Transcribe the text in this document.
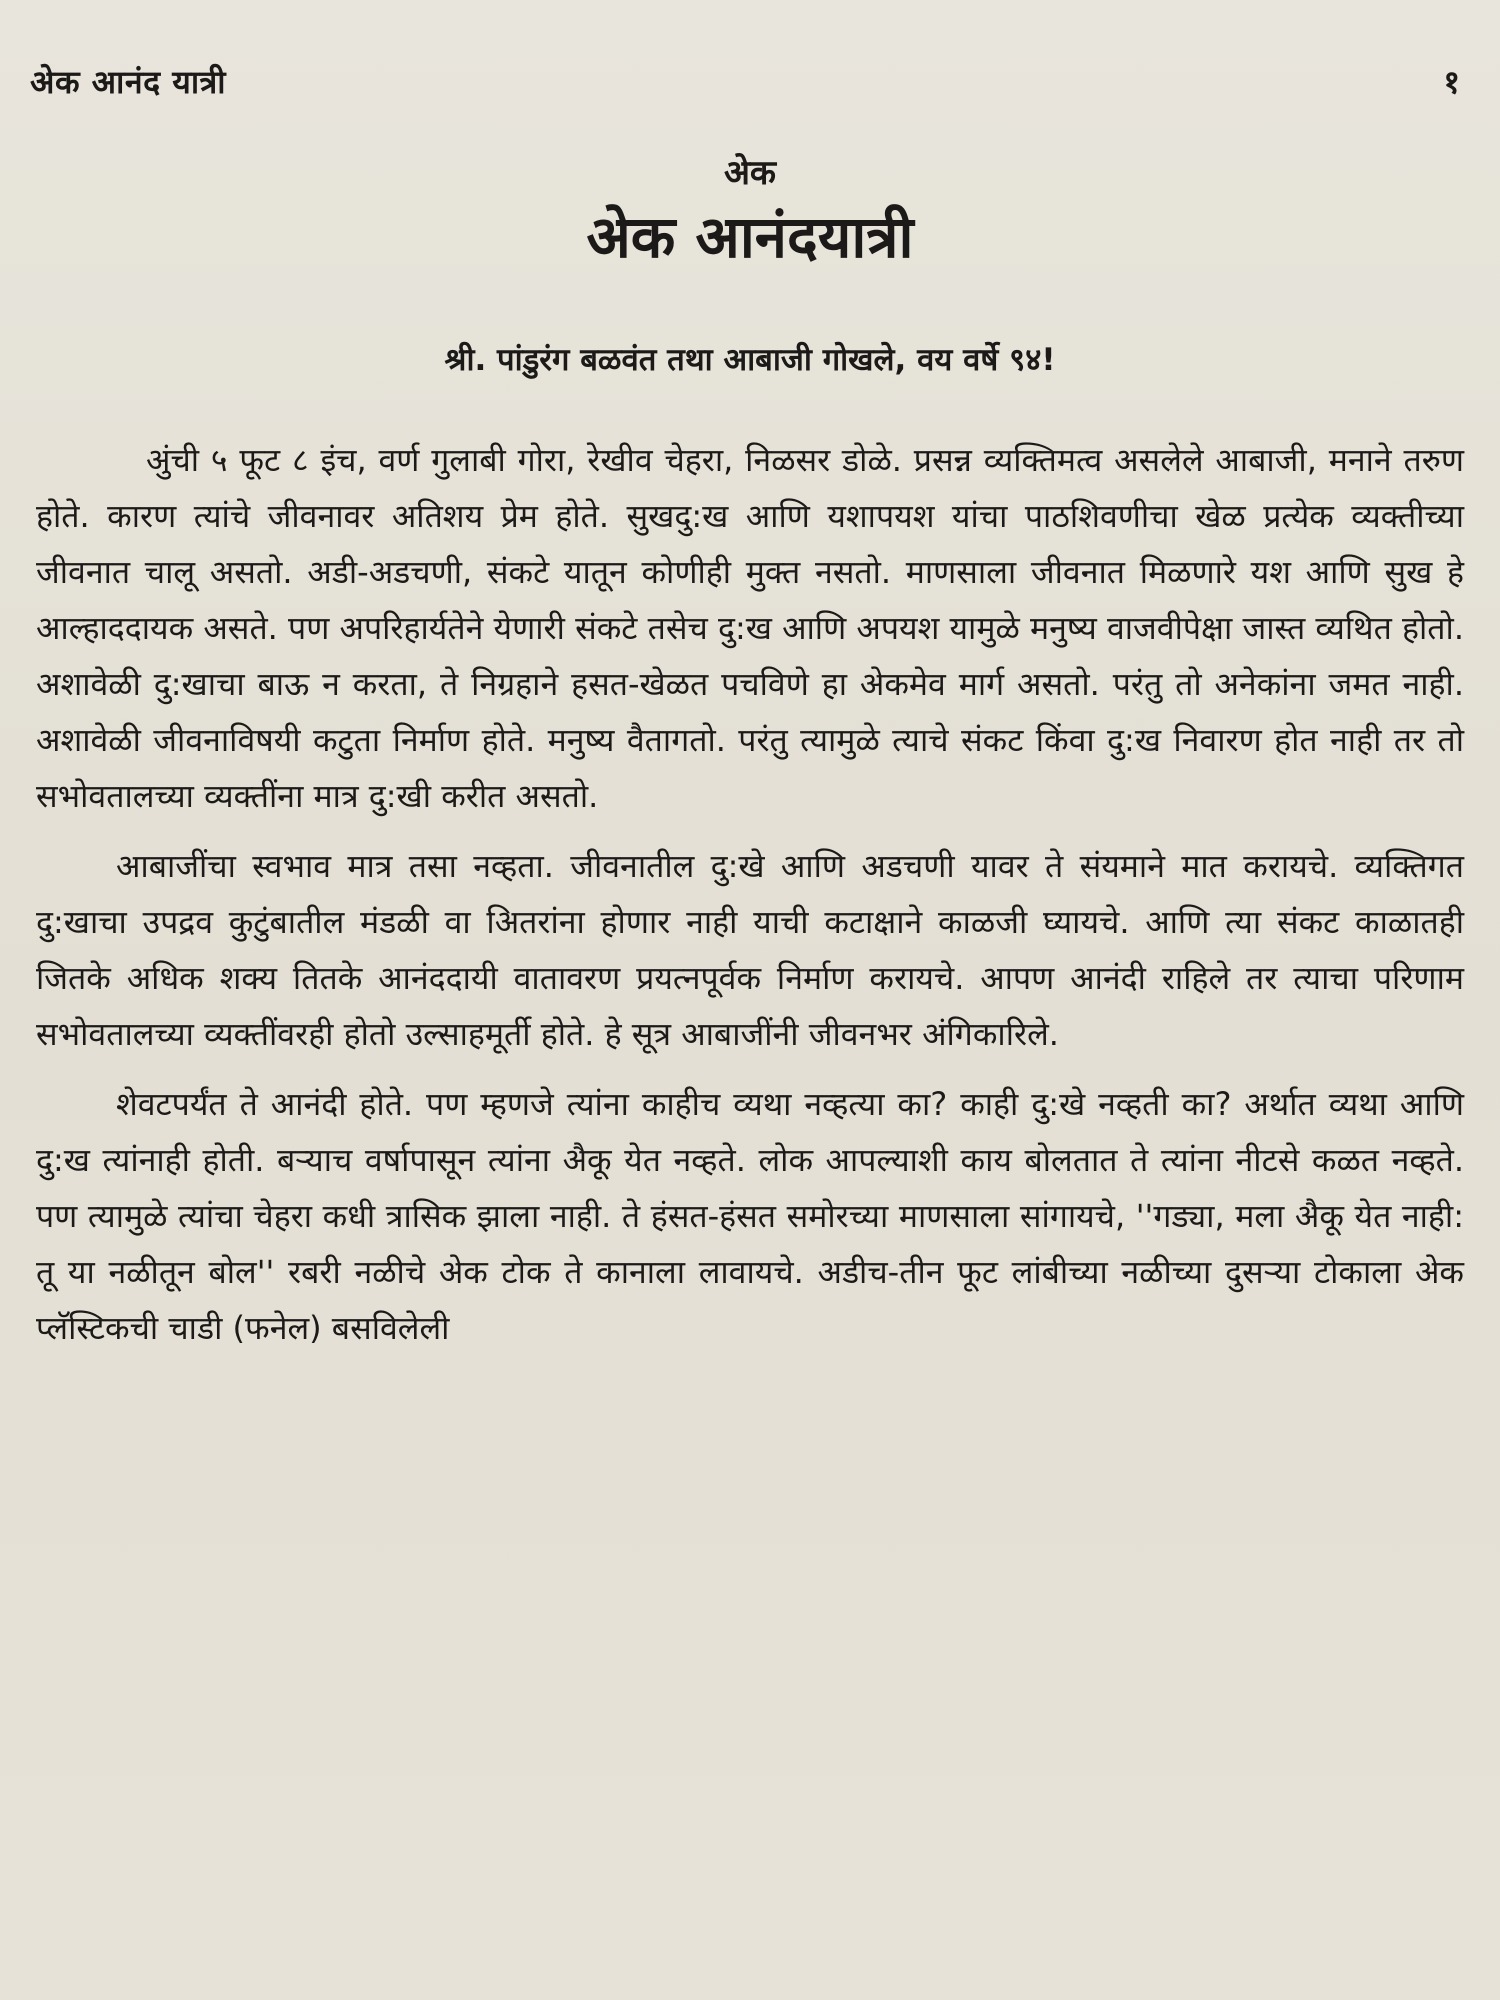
अेक आनंद यात्री	१
अेक
अेक आनंदयात्री
श्री. पांडुरंग बळवंत तथा आबाजी गोखले, वय वर्षे ९४!

अुंची ५ फूट ८ इंच, वर्ण गुलाबी गोरा, रेखीव चेहरा, निळसर डोळे. प्रसन्न व्यक्तिमत्व असलेले आबाजी, मनाने तरुण होते. कारण त्यांचे जीवनावर अतिशय प्रेम होते. सुखदु:ख आणि यशापयश यांचा पाठशिवणीचा खेळ प्रत्येक व्यक्तीच्या जीवनात चालू असतो. अडी-अडचणी, संकटे यातून कोणीही मुक्त नसतो. माणसाला जीवनात मिळणारे यश आणि सुख हे आल्हाददायक असते. पण अपरिहार्यतेने येणारी संकटे तसेच दु:ख आणि अपयश यामुळे मनुष्य वाजवीपेक्षा जास्त व्यथित होतो. अशावेळी दु:खाचा बाऊ न करता, ते निग्रहाने हसत-खेळत पचविणे हा अेकमेव मार्ग असतो. परंतु तो अनेकांना जमत नाही. अशावेळी जीवनाविषयी कटुता निर्माण होते. मनुष्य वैतागतो. परंतु त्यामुळे त्याचे संकट किंवा दु:ख निवारण होत नाही तर तो सभोवतालच्या व्यक्तींना मात्र दु:खी करीत असतो.

आबाजींचा स्वभाव मात्र तसा नव्हता. जीवनातील दु:खे आणि अडचणी यावर ते संयमाने मात करायचे. व्यक्तिगत दु:खाचा उपद्रव कुटुंबातील मंडळी वा अितरांना होणार नाही याची कटाक्षाने काळजी घ्यायचे. आणि त्या संकट काळातही जितके अधिक शक्य तितके आनंददायी वातावरण प्रयत्नपूर्वक निर्माण करायचे. आपण आनंदी राहिले तर त्याचा परिणाम सभोवतालच्या व्यक्तींवरही होतो उल्साहमूर्ती होते. हे सूत्र आबाजींनी जीवनभर अंगिकारिले.

शेवटपर्यंत ते आनंदी होते. पण म्हणजे त्यांना काहीच व्यथा नव्हत्या का? काही दु:खे नव्हती का? अर्थात व्यथा आणि दु:ख त्यांनाही होती. बऱ्याच वर्षापासून त्यांना अैकू येत नव्हते. लोक आपल्याशी काय बोलतात ते त्यांना नीटसे कळत नव्हते. पण त्यामुळे त्यांचा चेहरा कधी त्रासिक झाला नाही. ते हंसत-हंसत समोरच्या माणसाला सांगायचे, ''गड्या, मला अैकू येत नाही: तू या नळीतून बोल'' रबरी नळीचे अेक टोक ते कानाला लावायचे. अडीच-तीन फूट लांबीच्या नळीच्या दुसऱ्या टोकाला अेक प्लॅस्टिकची चाडी (फनेल) बसविलेली
